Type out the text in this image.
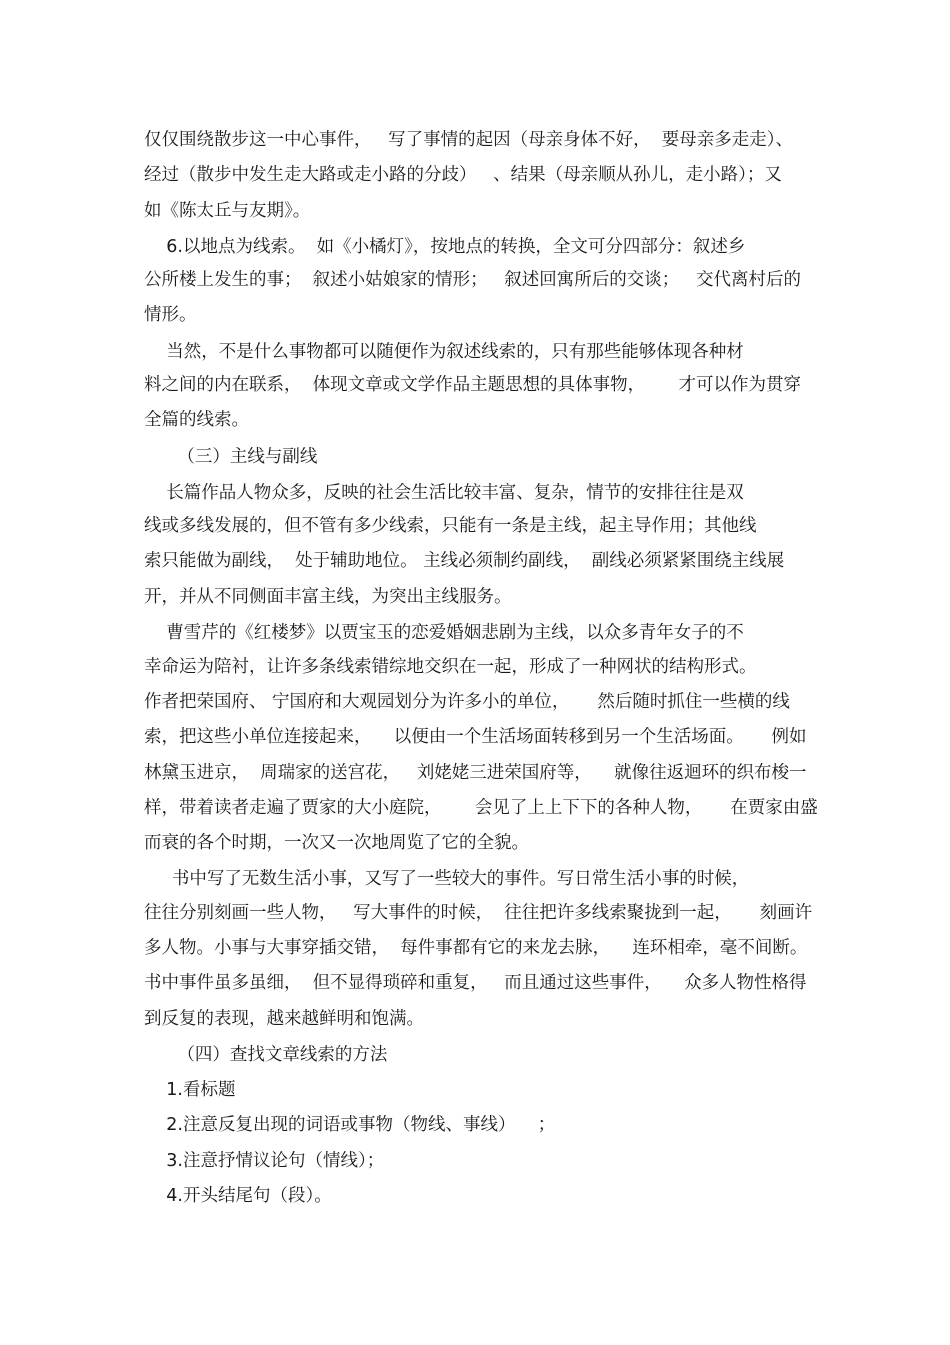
仅仅围绕散步这一中心事件，   写了事情的起因（母亲身体不好，  要母亲多走走）、
经过（散步中发生走大路或走小路的分歧）   、结果（母亲顺从孙儿，走小路）；又
如《陈太丘与友期》。
6.以地点为线索。  如《小橘灯》，按地点的转换，全文可分四部分：叙述乡
公所楼上发生的事；  叙述小姑娘家的情形；   叙述回寓所后的交谈；   交代离村后的
情形。
当然，不是什么事物都可以随便作为叙述线索的，只有那些能够体现各种材
料之间的内在联系，  体现文章或文学作品主题思想的具体事物，      才可以作为贯穿
全篇的线索。
（三）主线与副线
长篇作品人物众多，反映的社会生活比较丰富、复杂，情节的安排往往是双
线或多线发展的，但不管有多少线索，只能有一条是主线，起主导作用；其他线
索只能做为副线，  处于辅助地位。 主线必须制约副线，  副线必须紧紧围绕主线展
开，并从不同侧面丰富主线，为突出主线服务。
曹雪芹的《红楼梦》以贾宝玉的恋爱婚姻悲剧为主线，以众多青年女子的不
幸命运为陪衬，让许多条线索错综地交织在一起，形成了一种网状的结构形式。
作者把荣国府、 宁国府和大观园划分为许多小的单位，     然后随时抓住一些横的线
索，把这些小单位连接起来，    以便由一个生活场面转移到另一个生活场面。     例如
林黛玉进京，  周瑞家的送宫花，   刘姥姥三进荣国府等，    就像往返迴环的织布梭一
样，带着读者走遍了贾家的大小庭院，      会见了上上下下的各种人物，     在贾家由盛
而衰的各个时期，一次又一次地周览了它的全貌。
书中写了无数生活小事，又写了一些较大的事件。写日常生活小事的时候，
往往分别刻画一些人物，   写大事件的时候，  往往把许多线索聚拢到一起，     刻画许
多人物。小事与大事穿插交错，  每件事都有它的来龙去脉，    连环相牵，毫不间断。
书中事件虽多虽细，  但不显得琐碎和重复，   而且通过这些事件，    众多人物性格得
到反复的表现，越来越鲜明和饱满。
（四）查找文章线索的方法
1.看标题
2.注意反复出现的词语或事物（物线、事线）    ；
3.注意抒情议论句（情线）；
4.开头结尾句（段）。
